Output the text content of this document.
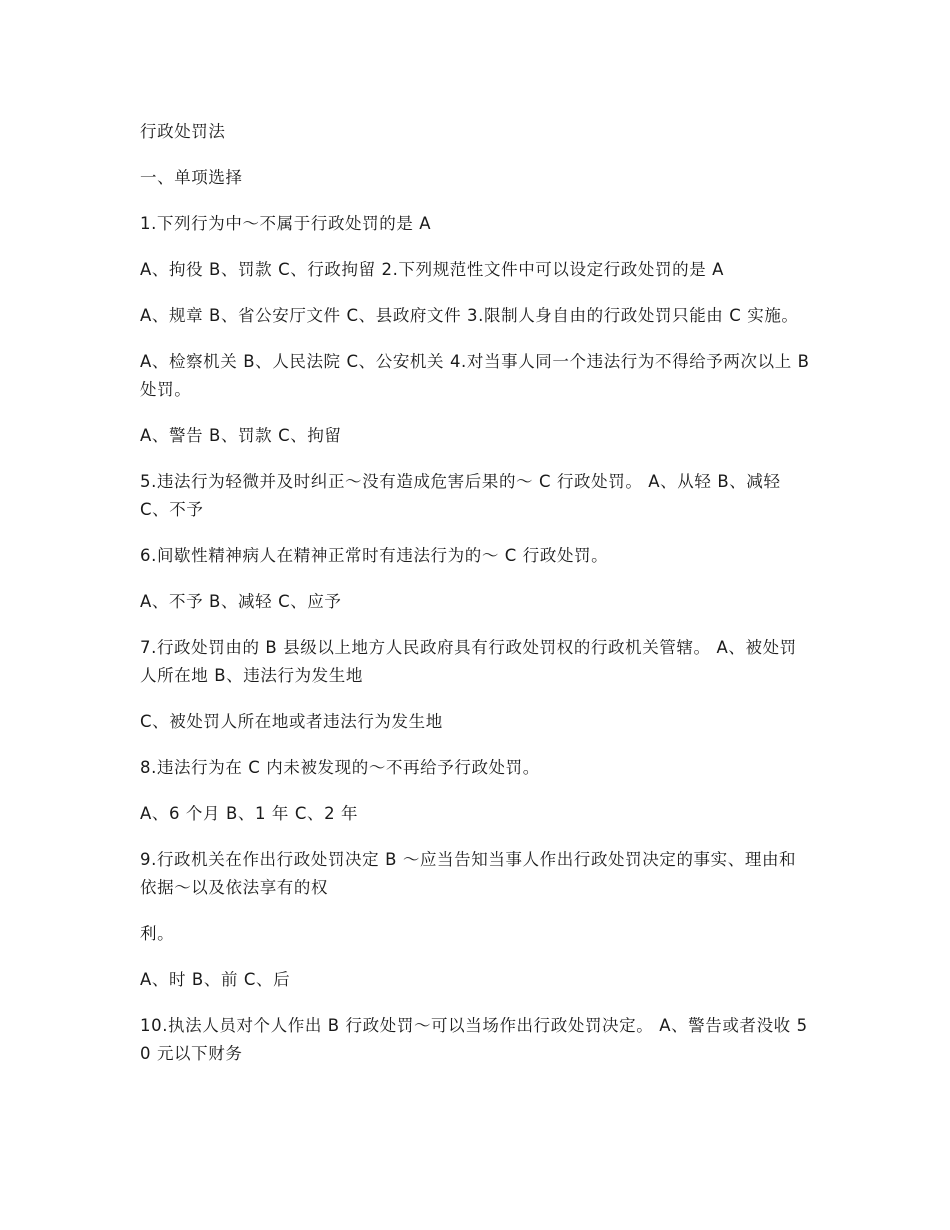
行政处罚法

一、单项选择

1.下列行为中～不属于行政处罚的是 A

A、拘役 B、罚款 C、行政拘留 2.下列规范性文件中可以设定行政处罚的是 A

A、规章 B、省公安厅文件 C、县政府文件 3.限制人身自由的行政处罚只能由 C 实施。

A、检察机关 B、人民法院 C、公安机关 4.对当事人同一个违法行为不得给予两次以上 B 处罚。

A、警告 B、罚款 C、拘留

5.违法行为轻微并及时纠正～没有造成危害后果的～ C 行政处罚。 A、从轻 B、减轻 C、不予

6.间歇性精神病人在精神正常时有违法行为的～ C 行政处罚。

A、不予 B、减轻 C、应予

7.行政处罚由的 B 县级以上地方人民政府具有行政处罚权的行政机关管辖。 A、被处罚人所在地 B、违法行为发生地

C、被处罚人所在地或者违法行为发生地

8.违法行为在 C 内未被发现的～不再给予行政处罚。

A、6 个月 B、1 年 C、2 年

9.行政机关在作出行政处罚决定 B ～应当告知当事人作出行政处罚决定的事实、理由和依据～以及依法享有的权

利。

A、时 B、前 C、后

10.执法人员对个人作出 B 行政处罚～可以当场作出行政处罚决定。 A、警告或者没收 50 元以下财务
